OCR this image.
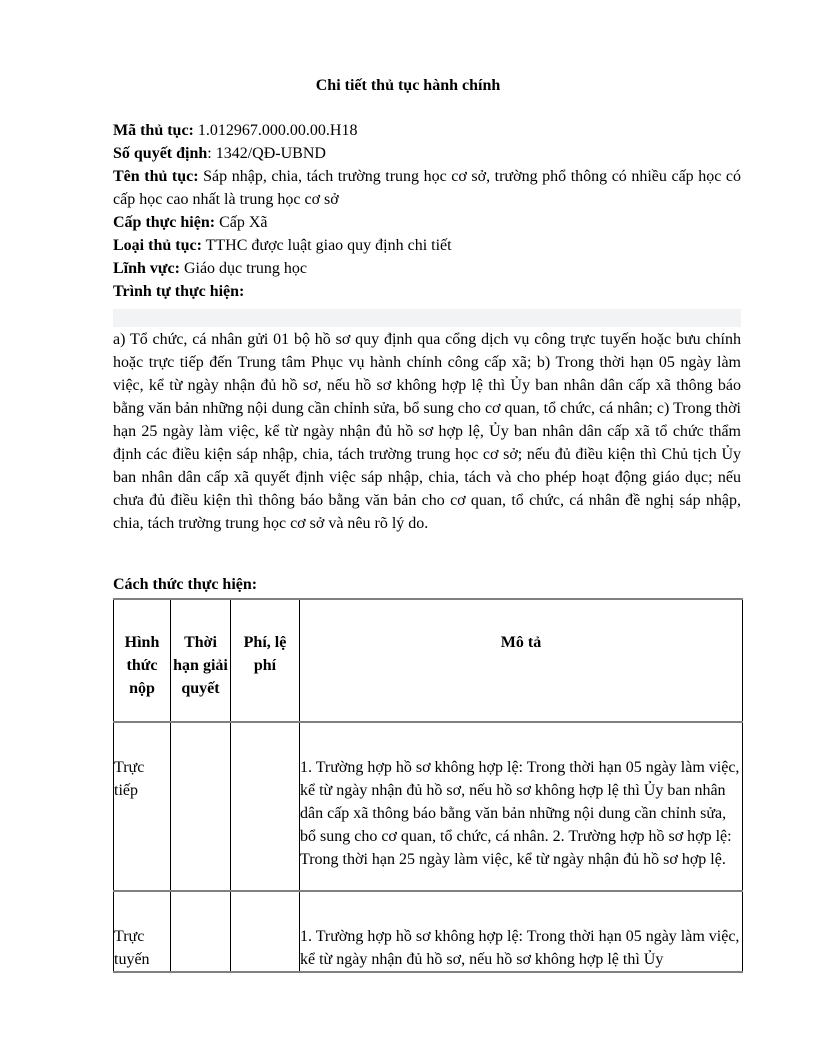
Chi tiết thủ tục hành chính
Mã thủ tục: 1.012967.000.00.00.H18
Số quyết định: 1342/QĐ-UBND
Tên thủ tục: Sáp nhập, chia, tách trường trung học cơ sở, trường phổ thông có nhiều cấp học có cấp học cao nhất là trung học cơ sở
Cấp thực hiện: Cấp Xã
Loại thủ tục: TTHC được luật giao quy định chi tiết
Lĩnh vực: Giáo dục trung học
Trình tự thực hiện:
a) Tổ chức, cá nhân gửi 01 bộ hồ sơ quy định qua cổng dịch vụ công trực tuyến hoặc bưu chính hoặc trực tiếp đến Trung tâm Phục vụ hành chính công cấp xã; b) Trong thời hạn 05 ngày làm việc, kể từ ngày nhận đủ hồ sơ, nếu hồ sơ không hợp lệ thì Ủy ban nhân dân cấp xã thông báo bằng văn bản những nội dung cần chỉnh sửa, bổ sung cho cơ quan, tổ chức, cá nhân; c) Trong thời hạn 25 ngày làm việc, kể từ ngày nhận đủ hồ sơ hợp lệ, Ủy ban nhân dân cấp xã tổ chức thẩm định các điều kiện sáp nhập, chia, tách trường trung học cơ sở; nếu đủ điều kiện thì Chủ tịch Ủy ban nhân dân cấp xã quyết định việc sáp nhập, chia, tách và cho phép hoạt động giáo dục; nếu chưa đủ điều kiện thì thông báo bằng văn bản cho cơ quan, tổ chức, cá nhân đề nghị sáp nhập, chia, tách trường trung học cơ sở và nêu rõ lý do.
Cách thức thực hiện:
Hình thức nộp	Thời hạn giải quyết	Phí, lệ phí	Mô tả

Trực tiếp			1. Trường hợp hồ sơ không hợp lệ: Trong thời hạn 05 ngày làm việc, kể từ ngày nhận đủ hồ sơ, nếu hồ sơ không hợp lệ thì Ủy ban nhân dân cấp xã thông báo bằng văn bản những nội dung cần chỉnh sửa, bổ sung cho cơ quan, tổ chức, cá nhân. 2. Trường hợp hồ sơ hợp lệ: Trong thời hạn 25 ngày làm việc, kể từ ngày nhận đủ hồ sơ hợp lệ.

Trực tuyến			1. Trường hợp hồ sơ không hợp lệ: Trong thời hạn 05 ngày làm việc, kể từ ngày nhận đủ hồ sơ, nếu hồ sơ không hợp lệ thì Ủy
